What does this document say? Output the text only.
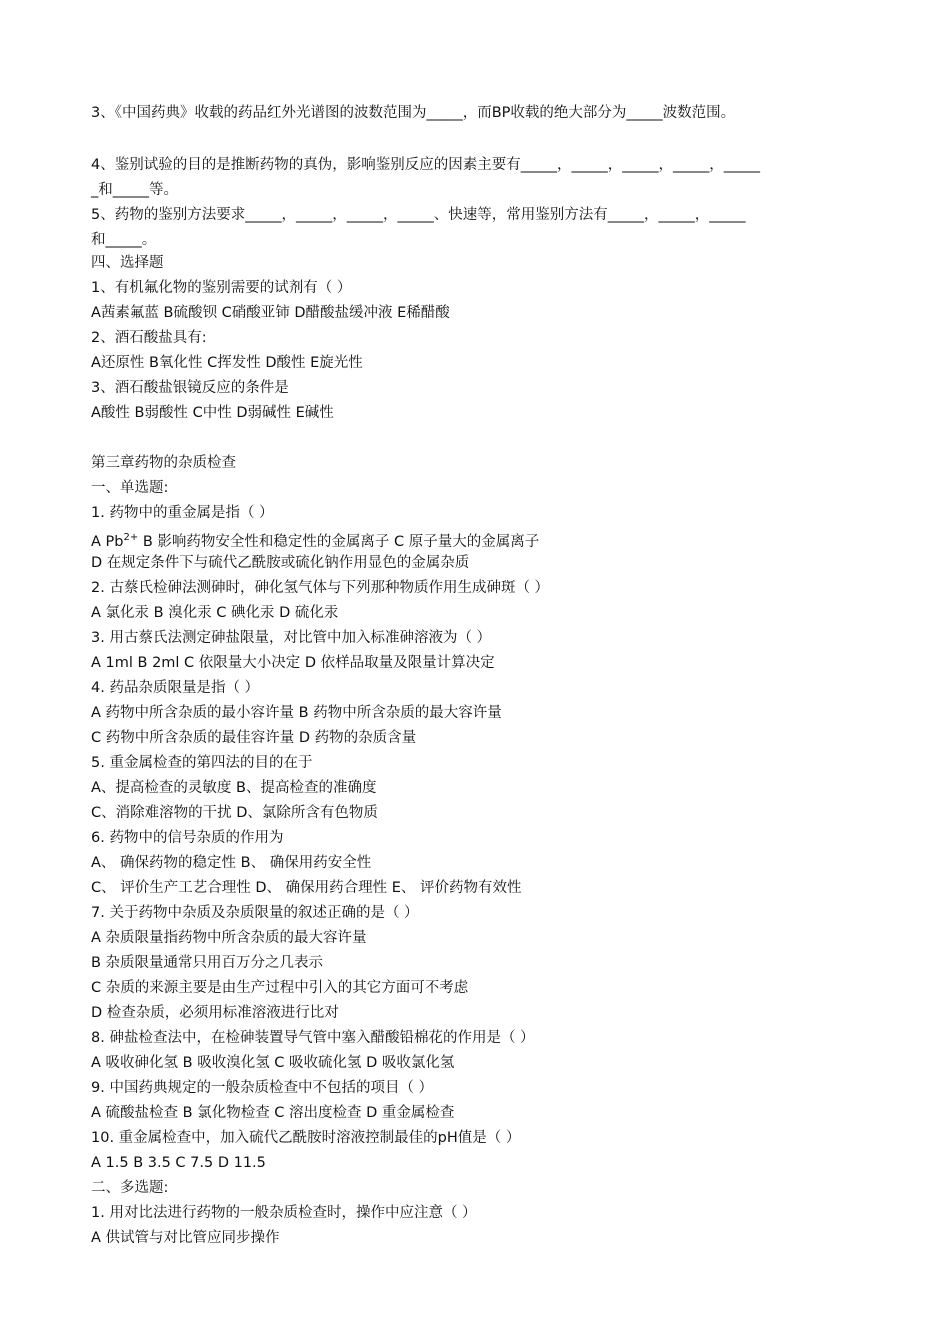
3、《中国药典》收载的药品红外光谱图的波数范围为_____，而BP收载的绝大部分为_____波数范围。
4、鉴别试验的目的是推断药物的真伪，影响鉴别反应的因素主要有_____，_____，_____，_____，_____
_和_____等。
5、药物的鉴别方法要求_____，_____，_____，_____、快速等，常用鉴别方法有_____，_____，_____
和_____。
四、选择题
1、有机氟化物的鉴别需要的试剂有（ ）
A茜素氟蓝 B硫酸钡 C硝酸亚铈 D醋酸盐缓冲液 E稀醋酸
2、酒石酸盐具有:
A还原性 B氧化性 C挥发性 D酸性 E旋光性
3、酒石酸盐银镜反应的条件是
A酸性 B弱酸性 C中性 D弱碱性 E碱性
第三章药物的杂质检查
一、单选题:
1. 药物中的重金属是指（ ）
A $Pb^{2+}$ B 影响药物安全性和稳定性的金属离子 C 原子量大的金属离子
D 在规定条件下与硫代乙酰胺或硫化钠作用显色的金属杂质
2. 古蔡氏检砷法测砷时，砷化氢气体与下列那种物质作用生成砷斑（ ）
A 氯化汞 B 溴化汞 C 碘化汞 D 硫化汞
3. 用古蔡氏法测定砷盐限量，对比管中加入标准砷溶液为（ ）
A 1ml B 2ml C 依限量大小决定 D 依样品取量及限量计算决定
4. 药品杂质限量是指（ ）
A 药物中所含杂质的最小容许量 B 药物中所含杂质的最大容许量
C 药物中所含杂质的最佳容许量 D 药物的杂质含量
5. 重金属检查的第四法的目的在于
A、提高检查的灵敏度 B、提高检查的准确度
C、消除难溶物的干扰 D、氯除所含有色物质
6. 药物中的信号杂质的作用为
A、 确保药物的稳定性 B、 确保用药安全性
C、 评价生产工艺合理性 D、 确保用药合理性 E、 评价药物有效性
7. 关于药物中杂质及杂质限量的叙述正确的是（ ）
A 杂质限量指药物中所含杂质的最大容许量
B 杂质限量通常只用百万分之几表示
C 杂质的来源主要是由生产过程中引入的其它方面可不考虑
D 检查杂质，必须用标准溶液进行比对
8. 砷盐检查法中，在检砷装置导气管中塞入醋酸铅棉花的作用是（ ）
A 吸收砷化氢 B 吸收溴化氢 C 吸收硫化氢 D 吸收氯化氢
9. 中国药典规定的一般杂质检查中不包括的项目（ ）
A 硫酸盐检查 B 氯化物检查 C 溶出度检查 D 重金属检查
10. 重金属检查中，加入硫代乙酰胺时溶液控制最佳的pH值是（ ）
A 1.5 B 3.5 C 7.5 D 11.5
二、多选题:
1. 用对比法进行药物的一般杂质检查时，操作中应注意（ ）
A 供试管与对比管应同步操作
